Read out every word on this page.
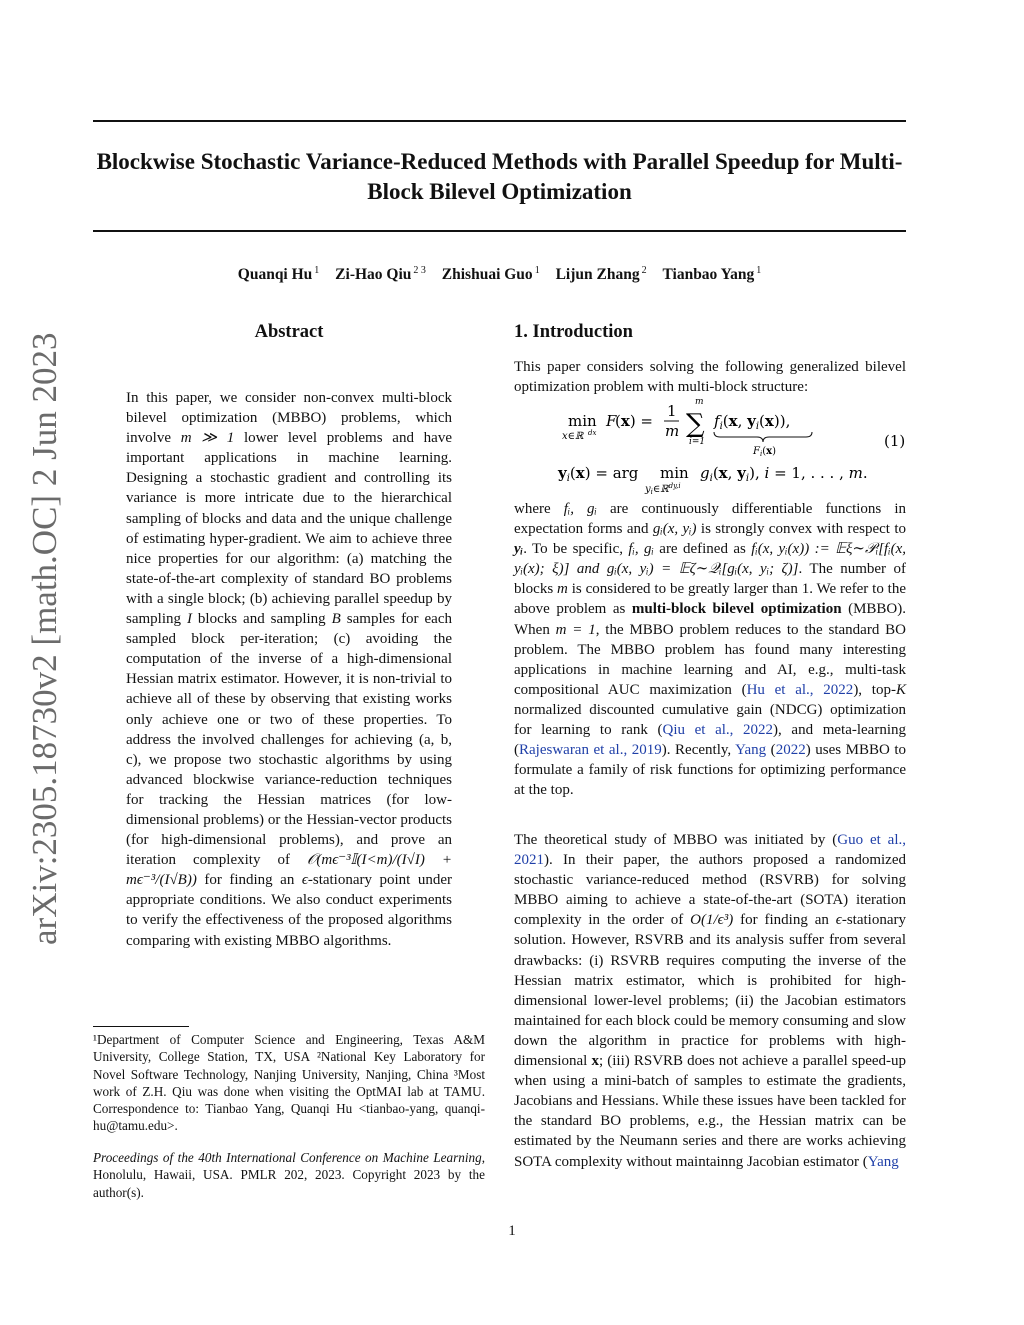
Blockwise Stochastic Variance-Reduced Methods with Parallel Speedup for Multi-Block Bilevel Optimization
Quanqi Hu $^1$ Zi-Hao Qiu $^{2 3}$ Zhishuai Guo $^1$ Lijun Zhang $^2$ Tianbao Yang $^1$
arXiv:2305.18730v2 [math.OC] 2 Jun 2023
Abstract	1. Introduction
In this paper, we consider non-convex multi-block bilevel optimization (MBBO) problems, which involve m ≫ 1 lower level problems and have important applications in machine learning. Designing a stochastic gradient and controlling its variance is more intricate due to the hierarchical sampling of blocks and data and the unique challenge of estimating hyper-gradient. We aim to achieve three nice properties for our algorithm: (a) matching the state-of-the-art complexity of standard BO problems with a single block; (b) achieving parallel speedup by sampling I blocks and sampling B samples for each sampled block per-iteration; (c) avoiding the computation of the inverse of a high-dimensional Hessian matrix estimator. However, it is non-trivial to achieve all of these by observing that existing works only achieve one or two of these properties. To address the involved challenges for achieving (a, b, c), we propose two stochastic algorithms by using advanced blockwise variance-reduction techniques for tracking the Hessian matrices (for low-dimensional problems) or the Hessian-vector products (for high-dimensional problems), and prove an iteration complexity of 𝒪(mϵ⁻³𝕀(I<m)/(I√I) + mϵ⁻³/(I√B)) for finding an ϵ-stationary point under appropriate conditions. We also conduct experiments to verify the effectiveness of the proposed algorithms comparing with existing MBBO algorithms.
¹Department of Computer Science and Engineering, Texas A&M University, College Station, TX, USA ²National Key Laboratory for Novel Software Technology, Nanjing University, Nanjing, China ³Most work of Z.H. Qiu was done when visiting the OptMAI lab at TAMU. Correspondence to: Tianbao Yang, Quanqi Hu <tianbao-yang, quanqi-hu@tamu.edu>.
Proceedings of the 40th International Conference on Machine Learning, Honolulu, Hawaii, USA. PMLR 202, 2023. Copyright 2023 by the author(s).
This paper considers solving the following generalized bilevel optimization problem with multi-block structure:
min
x∈ℝ dx
F
(x) =
1
m
m
∑
i=1
$f_i(x$, $y_i(x)$),
$F_i(x)$
(1)
$y_i(x)$ = arg min
$y_i\in ℝ^{dy,i}$
$g_i(x$, $y_i$), i = 1, . . . , m.
where fᵢ, gᵢ are continuously differentiable functions in expectation forms and gᵢ(x, yᵢ) is strongly convex with respect to yᵢ. To be specific, fᵢ, gᵢ are defined as fᵢ(x, yᵢ(x)) := 𝔼ξ∼𝒫ᵢ[fᵢ(x, yᵢ(x); ξ)] and gᵢ(x, yᵢ) = 𝔼ζ∼𝒬ᵢ[gᵢ(x, yᵢ; ζ)]. The number of blocks m is considered to be greatly larger than 1. We refer to the above problem as multi-block bilevel optimization (MBBO). When m = 1, the MBBO problem reduces to the standard BO problem. The MBBO problem has found many interesting applications in machine learning and AI, e.g., multi-task compositional AUC maximization (Hu et al., 2022), top-K normalized discounted cumulative gain (NDCG) optimization for learning to rank (Qiu et al., 2022), and meta-learning (Rajeswaran et al., 2019). Recently, Yang (2022) uses MBBO to formulate a family of risk functions for optimizing performance at the top.
The theoretical study of MBBO was initiated by (Guo et al., 2021). In their paper, the authors proposed a randomized stochastic variance-reduced method (RSVRB) for solving MBBO aiming to achieve a state-of-the-art (SOTA) iteration complexity in the order of O(1/ϵ³) for finding an ϵ-stationary solution. However, RSVRB and its analysis suffer from several drawbacks: (i) RSVRB requires computing the inverse of the Hessian matrix estimator, which is prohibited for high-dimensional lower-level problems; (ii) the Jacobian estimators maintained for each block could be memory consuming and slow down the algorithm in practice for problems with high-dimensional x; (iii) RSVRB does not achieve a parallel speed-up when using a mini-batch of samples to estimate the gradients, Jacobians and Hessians. While these issues have been tackled for the standard BO problems, e.g., the Hessian matrix can be estimated by the Neumann series and there are works achieving SOTA complexity without maintainng Jacobian estimator (Yang
1
